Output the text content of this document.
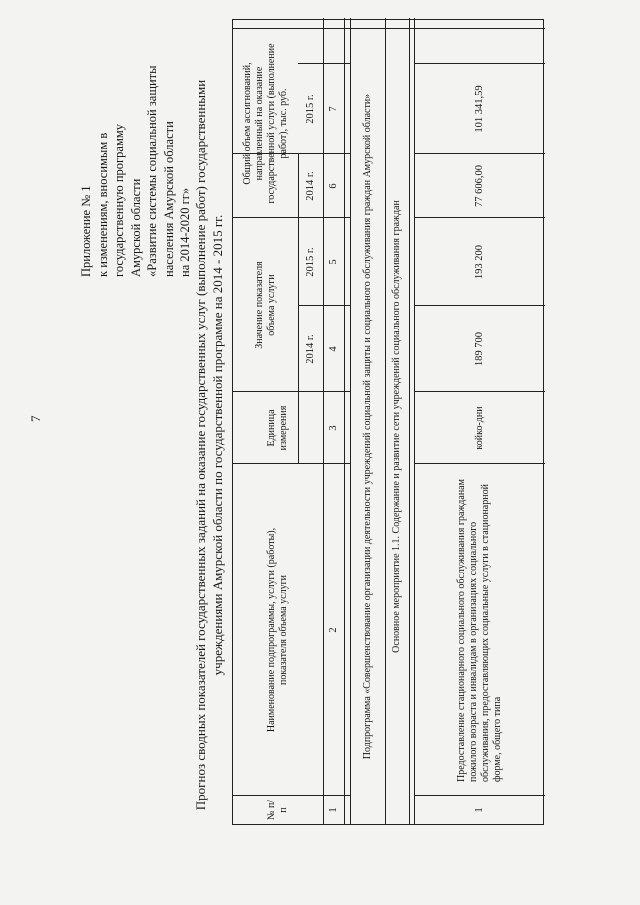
7
Приложение № 1 к изменениям, вносимым в государственную программу Амурской области «Развитие системы социальной защиты населения Амурской области на 2014-2020 гг» Прогноз сводных показателей государственных заданий на оказание государственных услуг (выполнение работ) государственными учреждениями Амурской области по государственной программе на 2014 - 2015 гг.
№ п/п
Наименование подпрограммы, услуги (работы), показателя объема услуги
Единица измерения
Значение показателя объема услуги
Общий объем ассигнований, направленный на оказание государственной услуги (выполнение работ), тыс. руб.
2014 г.
2015 г.
2014 г.
2015 г.
1
2
3
4
5
6
7	Подпрограмма «Совершенствование организации деятельности учреждений социальной защиты и социального обслуживания граждан Амурской области»	Основное мероприятие 1.1. Содержание и развитие сети учреждений социального обслуживания граждан
1
Предоставление стационарного социального обслуживания гражданам пожилого возраста и инвалидам в организациях социального обслуживания, предоставляющих социальные услуги в стационарной форме, общего типа
койко-дни
189 700
193 200
77 606,00
101 341,59
